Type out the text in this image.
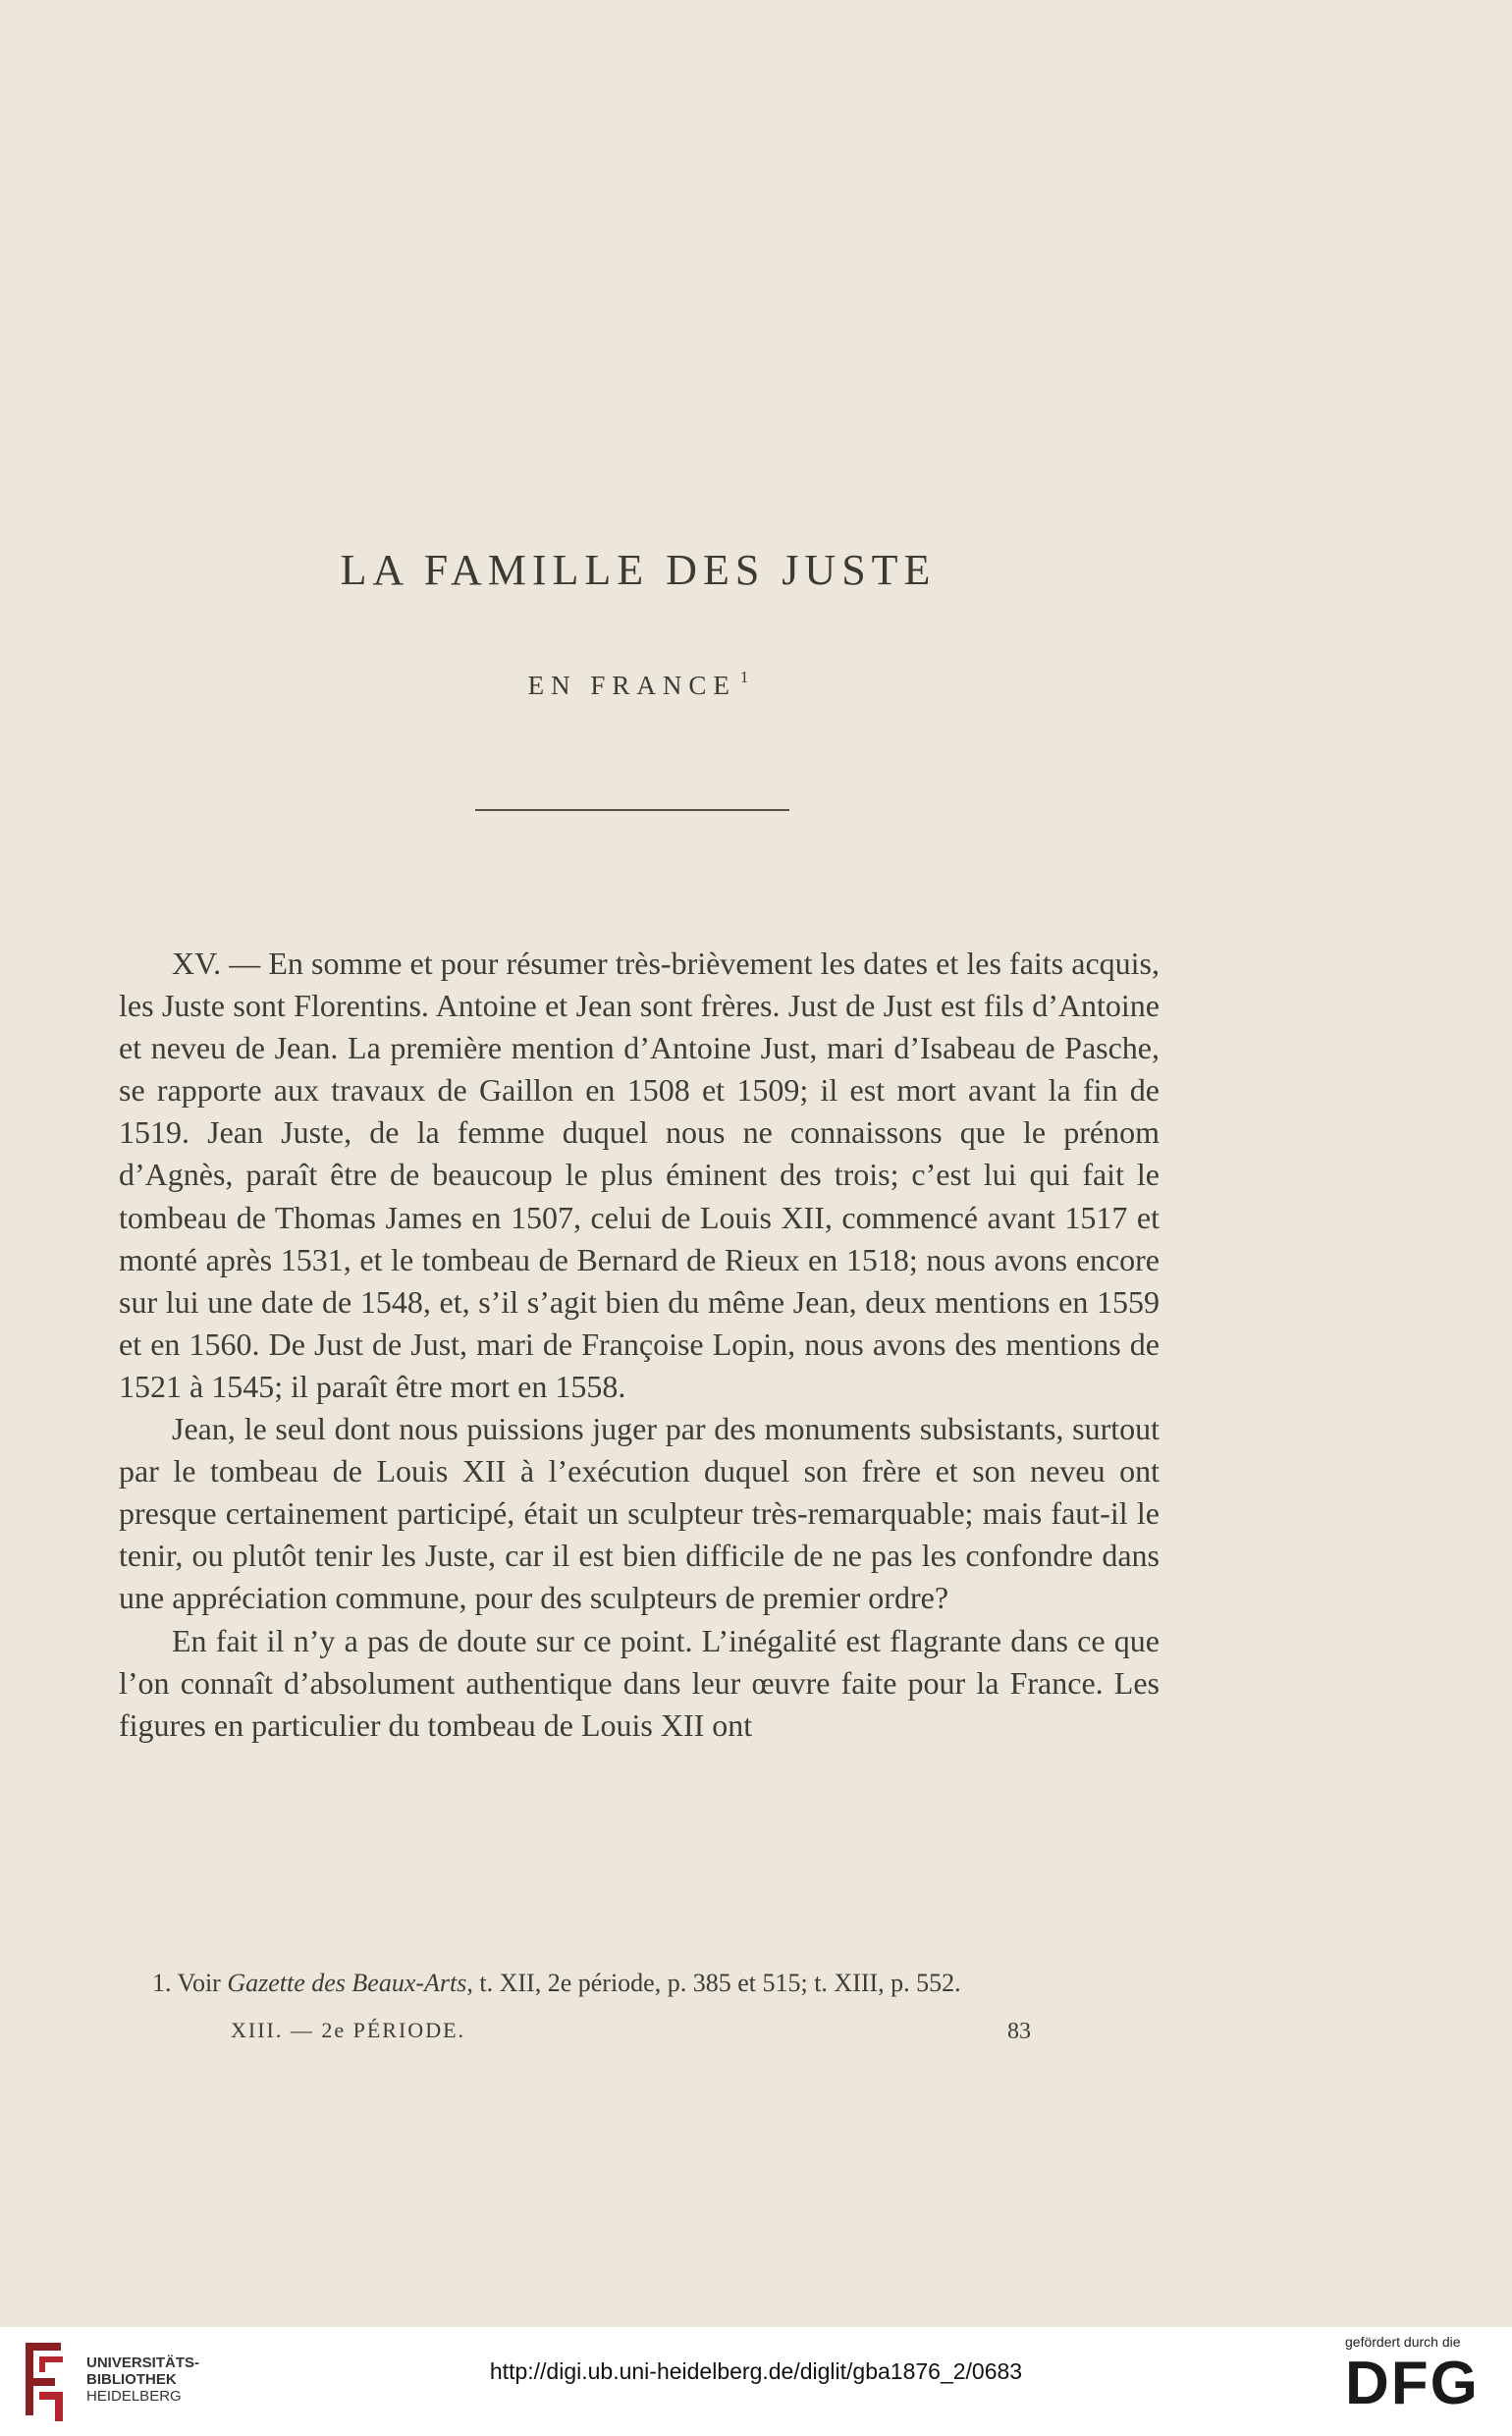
LA FAMILLE DES JUSTE
EN FRANCE $^1$

XV. — En somme et pour résumer très-brièvement les dates et les faits acquis, les Juste sont Florentins. Antoine et Jean sont frères. Just de Just est fils d’Antoine et neveu de Jean. La première mention d’Antoine Just, mari d’Isabeau de Pasche, se rapporte aux travaux de Gaillon en 1508 et 1509; il est mort avant la fin de 1519. Jean Juste, de la femme duquel nous ne connaissons que le prénom d’Agnès, paraît être de beaucoup le plus éminent des trois; c’est lui qui fait le tombeau de Thomas James en 1507, celui de Louis XII, commencé avant 1517 et monté après 1531, et le tombeau de Bernard de Rieux en 1518; nous avons encore sur lui une date de 1548, et, s’il s’agit bien du même Jean, deux mentions en 1559 et en 1560. De Just de Just, mari de Françoise Lopin, nous avons des mentions de 1521 à 1545; il paraît être mort en 1558.

Jean, le seul dont nous puissions juger par des monuments subsistants, surtout par le tombeau de Louis XII à l’exécution duquel son frère et son neveu ont presque certainement participé, était un sculpteur très-remarquable; mais faut-il le tenir, ou plutôt tenir les Juste, car il est bien difficile de ne pas les confondre dans une appréciation commune, pour des sculpteurs de premier ordre?

En fait il n’y a pas de doute sur ce point. L’inégalité est flagrante dans ce que l’on connaît d’absolument authentique dans leur œuvre faite pour la France. Les figures en particulier du tombeau de Louis XII ont

1. Voir Gazette des Beaux-Arts, t. XII, 2e période, p. 385 et 515; t. XIII, p. 552.
XIII. — 2e PÉRIODE.	83
UNIVERSITÄTS-
BIBLIOTHEK
HEIDELBERG
http://digi.ub.uni-heidelberg.de/diglit/gba1876_2/0683
gefördert durch die
DFG
